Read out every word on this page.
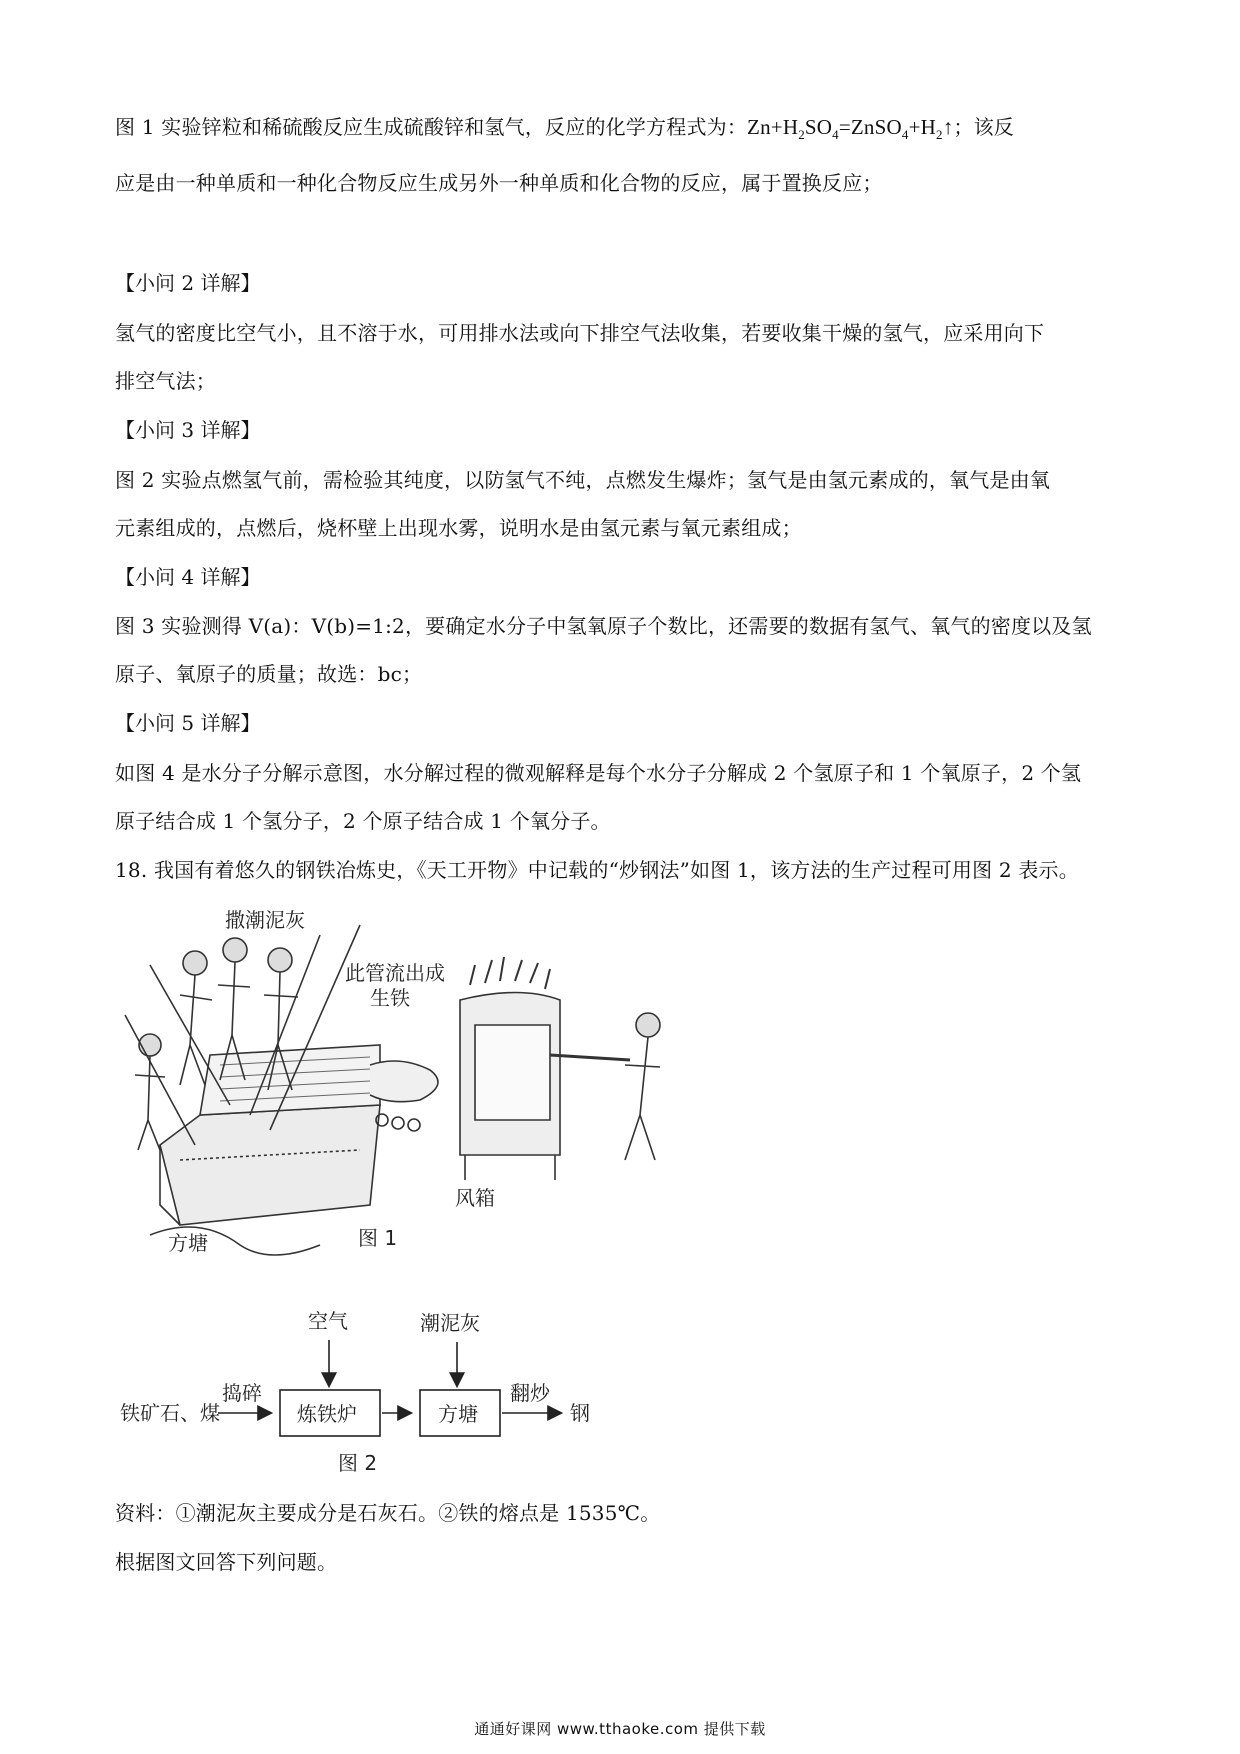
图 1 实验锌粒和稀硫酸反应生成硫酸锌和氢气，反应的化学方程式为：$Zn+H_2SO_4=ZnSO_4+H_2↑$；该反
应是由一种单质和一种化合物反应生成另外一种单质和化合物的反应，属于置换反应；
【小问 2 详解】
氢气的密度比空气小，且不溶于水，可用排水法或向下排空气法收集，若要收集干燥的氢气，应采用向下
排空气法；
【小问 3 详解】
图 2 实验点燃氢气前，需检验其纯度，以防氢气不纯，点燃发生爆炸；氢气是由氢元素成的，氧气是由氧
元素组成的，点燃后，烧杯壁上出现水雾，说明水是由氢元素与氧元素组成；
【小问 4 详解】
图 3 实验测得 V(a)：V(b)=1:2，要确定水分子中氢氧原子个数比，还需要的数据有氢气、氧气的密度以及氢
原子、氧原子的质量；故选：bc；
【小问 5 详解】
如图 4 是水分子分解示意图，水分解过程的微观解释是每个水分子分解成 2 个氢原子和 1 个氧原子，2 个氢
原子结合成 1 个氢分子，2 个原子结合成 1 个氧分子。
18. 我国有着悠久的钢铁冶炼史，《天工开物》中记载的“炒钢法”如图 1，该方法的生产过程可用图 2 表示。
撒潮泥灰
此管流出成
生铁
风箱
方塘	图 1
铁矿石、煤
捣碎
炼铁炉
空气
方塘
潮泥灰
翻炒
钢
图 2
资料：①潮泥灰主要成分是石灰石。②铁的熔点是 1535℃。
根据图文回答下列问题。
通通好课网 www.tthaoke.com 提供下载
